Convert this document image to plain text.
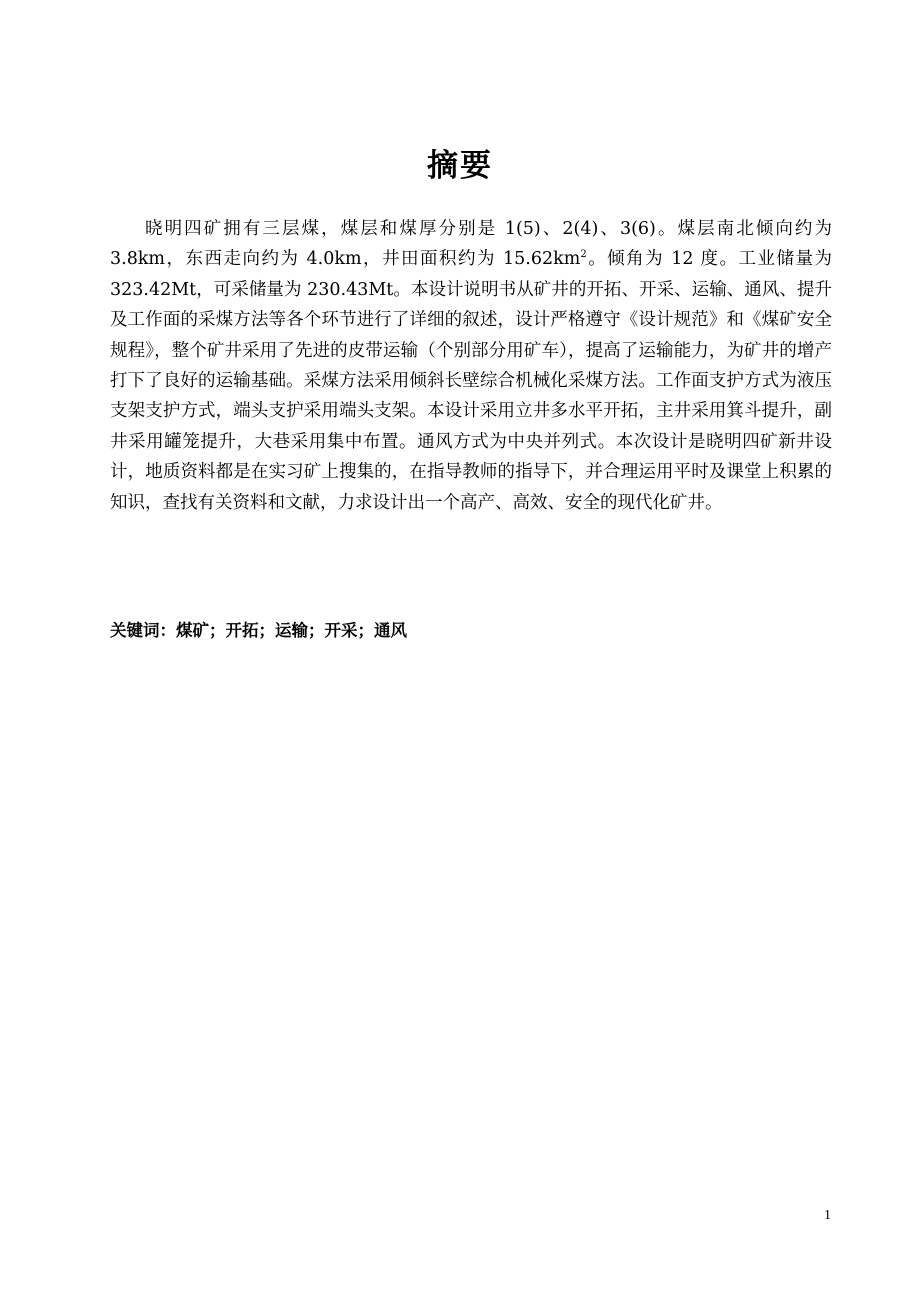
摘要

晓明四矿拥有三层煤，煤层和煤厚分别是 1(5)、2(4)、3(6)。煤层南北倾向约为 3.8km，东西走向约为 4.0km，井田面积约为 $15.62km^2$。倾角为 12 度。工业储量为 323.42Mt，可采储量为 230.43Mt。本设计说明书从矿井的开拓、开采、运输、通风、提升及工作面的采煤方法等各个环节进行了详细的叙述，设计严格遵守《设计规范》和《煤矿安全规程》，整个矿井采用了先进的皮带运输（个别部分用矿车），提高了运输能力，为矿井的增产打下了良好的运输基础。采煤方法采用倾斜长壁综合机械化采煤方法。工作面支护方式为液压支架支护方式，端头支护采用端头支架。本设计采用立井多水平开拓，主井采用箕斗提升，副井采用罐笼提升，大巷采用集中布置。通风方式为中央并列式。本次设计是晓明四矿新井设计，地质资料都是在实习矿上搜集的，在指导教师的指导下，并合理运用平时及课堂上积累的知识，查找有关资料和文献，力求设计出一个高产、高效、安全的现代化矿井。

关键词：煤矿；开拓；运输；开采；通风
1
